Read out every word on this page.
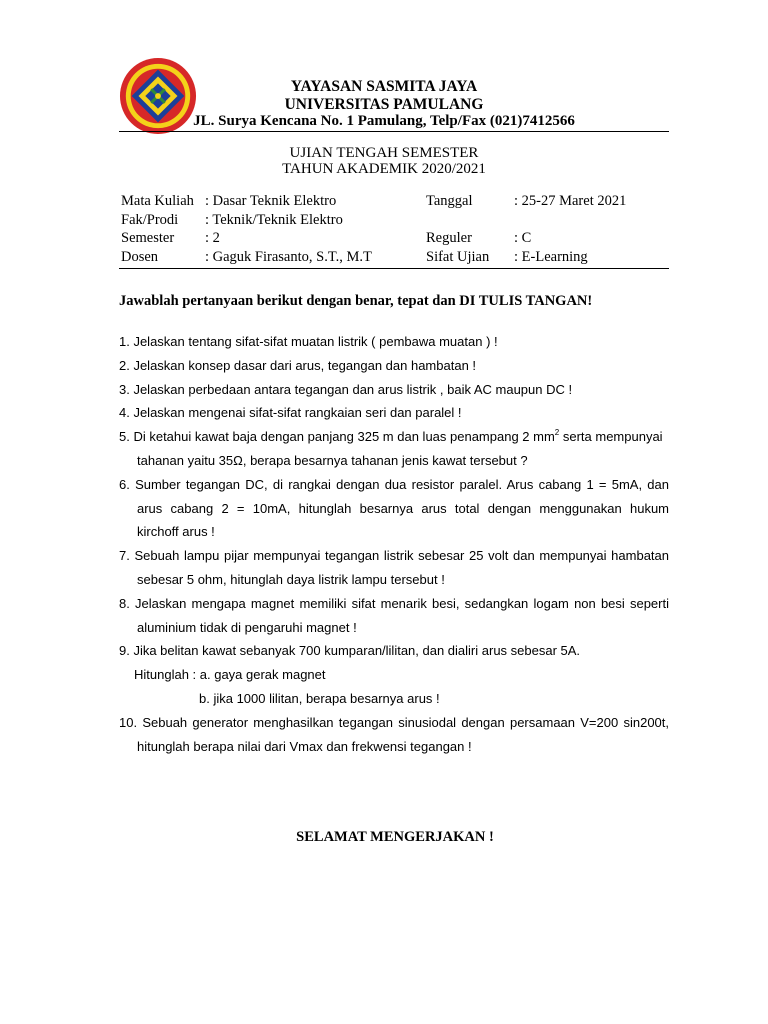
YAYASAN SASMITA JAYA
UNIVERSITAS PAMULANG
JL. Surya Kencana No. 1 Pamulang, Telp/Fax (021)7412566
UJIAN TENGAH SEMESTER
TAHUN AKADEMIK 2020/2021
Mata Kuliah : Dasar Teknik Elektro	Tanggal	: 25-27 Maret 2021
Fak/Prodi : Teknik/Teknik Elektro
Semester : 2	Reguler	: C
Dosen	: Gaguk Firasanto, S.T., M.T	Sifat Ujian : E-Learning
Jawablah pertanyaan berikut dengan benar, tepat dan DI TULIS TANGAN!
1. Jelaskan tentang sifat-sifat muatan listrik ( pembawa muatan ) !
2. Jelaskan konsep dasar dari arus, tegangan dan hambatan !
3. Jelaskan perbedaan antara tegangan dan arus listrik , baik AC maupun DC !
4. Jelaskan mengenai sifat-sifat rangkaian seri dan paralel !
5. Di ketahui kawat baja dengan panjang 325 m dan luas penampang 2 $mm^2$ serta mempunyai
tahanan yaitu 35Ω, berapa besarnya tahanan jenis kawat tersebut ?
6. Sumber tegangan DC, di rangkai dengan dua resistor paralel. Arus cabang 1 = 5mA, dan
arus cabang 2 = 10mA, hitunglah besarnya arus total dengan menggunakan hukum
kirchoff arus !
7. Sebuah lampu pijar mempunyai tegangan listrik sebesar 25 volt dan mempunyai hambatan
sebesar 5 ohm, hitunglah daya listrik lampu tersebut !
8. Jelaskan mengapa magnet memiliki sifat menarik besi, sedangkan logam non besi seperti
aluminium tidak di pengaruhi magnet !
9. Jika belitan kawat sebanyak 700 kumparan/lilitan, dan dialiri arus sebesar 5A.
Hitunglah : a. gaya gerak magnet
b. jika 1000 lilitan, berapa besarnya arus !
10. Sebuah generator menghasilkan tegangan sinusiodal dengan persamaan V=200 sin200t,
hitunglah berapa nilai dari Vmax dan frekwensi tegangan !
SELAMAT MENGERJAKAN !
